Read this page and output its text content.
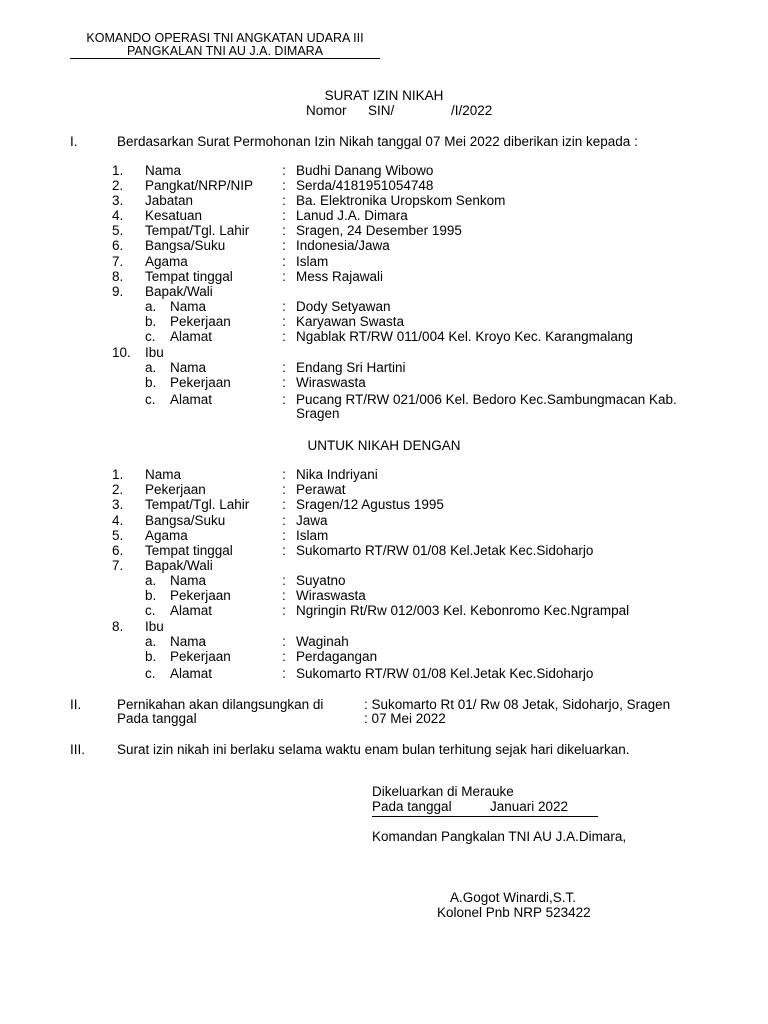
KOMANDO OPERASI TNI ANGKATAN UDARA III
PANGKALAN TNI AU J.A. DIMARA
SURAT IZIN NIKAH
Nomor SIN/	/I/2022
I.	Berdasarkan Surat Permohonan Izin Nikah tanggal 07 Mei 2022 diberikan izin kepada :
:
1. Nama	Budhi Danang Wibowo
:
2. Pangkat/NRP/NIP	Serda/4181951054748
:
3. Jabatan	Ba. Elektronika Uropskom Senkom
:
4. Kesatuan	Lanud J.A. Dimara
:
5. Tempat/Tgl. Lahir	Sragen, 24 Desember 1995
:
6. Bangsa/Suku	Indonesia/Jawa
:
7. Agama	Islam
:
8. Tempat tinggal	Mess Rajawali
9. Bapak/Wali
:
a. Nama	Dody Setyawan
:
b. Pekerjaan	Karyawan Swasta
:
c. Alamat	Ngablak RT/RW 011/004 Kel. Kroyo Kec. Karangmalang
10. Ibu
:
a. Nama	Endang Sri Hartini
:
b. Pekerjaan	Wiraswasta
:
c. Alamat	Pucang RT/RW 021/006 Kel. Bedoro Kec.Sambungmacan Kab.
Sragen
UNTUK NIKAH DENGAN
:
1. Nama	Nika Indriyani
:
2. Pekerjaan	Perawat
:
3. Tempat/Tgl. Lahir	Sragen/12 Agustus 1995
:
4. Bangsa/Suku	Jawa
:
5. Agama	Islam
:
6. Tempat tinggal	Sukomarto RT/RW 01/08 Kel.Jetak Kec.Sidoharjo
7. Bapak/Wali
:
a. Nama	Suyatno
:
b. Pekerjaan	Wiraswasta
:
c. Alamat	Ngringin Rt/Rw 012/003 Kel. Kebonromo Kec.Ngrampal
8. Ibu
:
a. Nama	Waginah
:
b. Pekerjaan	Perdagangan
:
c. Alamat	Sukomarto RT/RW 01/08 Kel.Jetak Kec.Sidoharjo
II.	Pernikahan akan dilangsungkan di	: Sukomarto Rt 01/ Rw 08 Jetak, Sidoharjo, Sragen
Pada tanggal	: 07 Mei 2022
III. Surat izin nikah ini berlaku selama waktu enam bulan terhitung sejak hari dikeluarkan.
Dikeluarkan di Merauke
Pada tanggal	Januari 2022
Komandan Pangkalan TNI AU J.A.Dimara,
A.Gogot Winardi,S.T.
Kolonel Pnb NRP 523422
